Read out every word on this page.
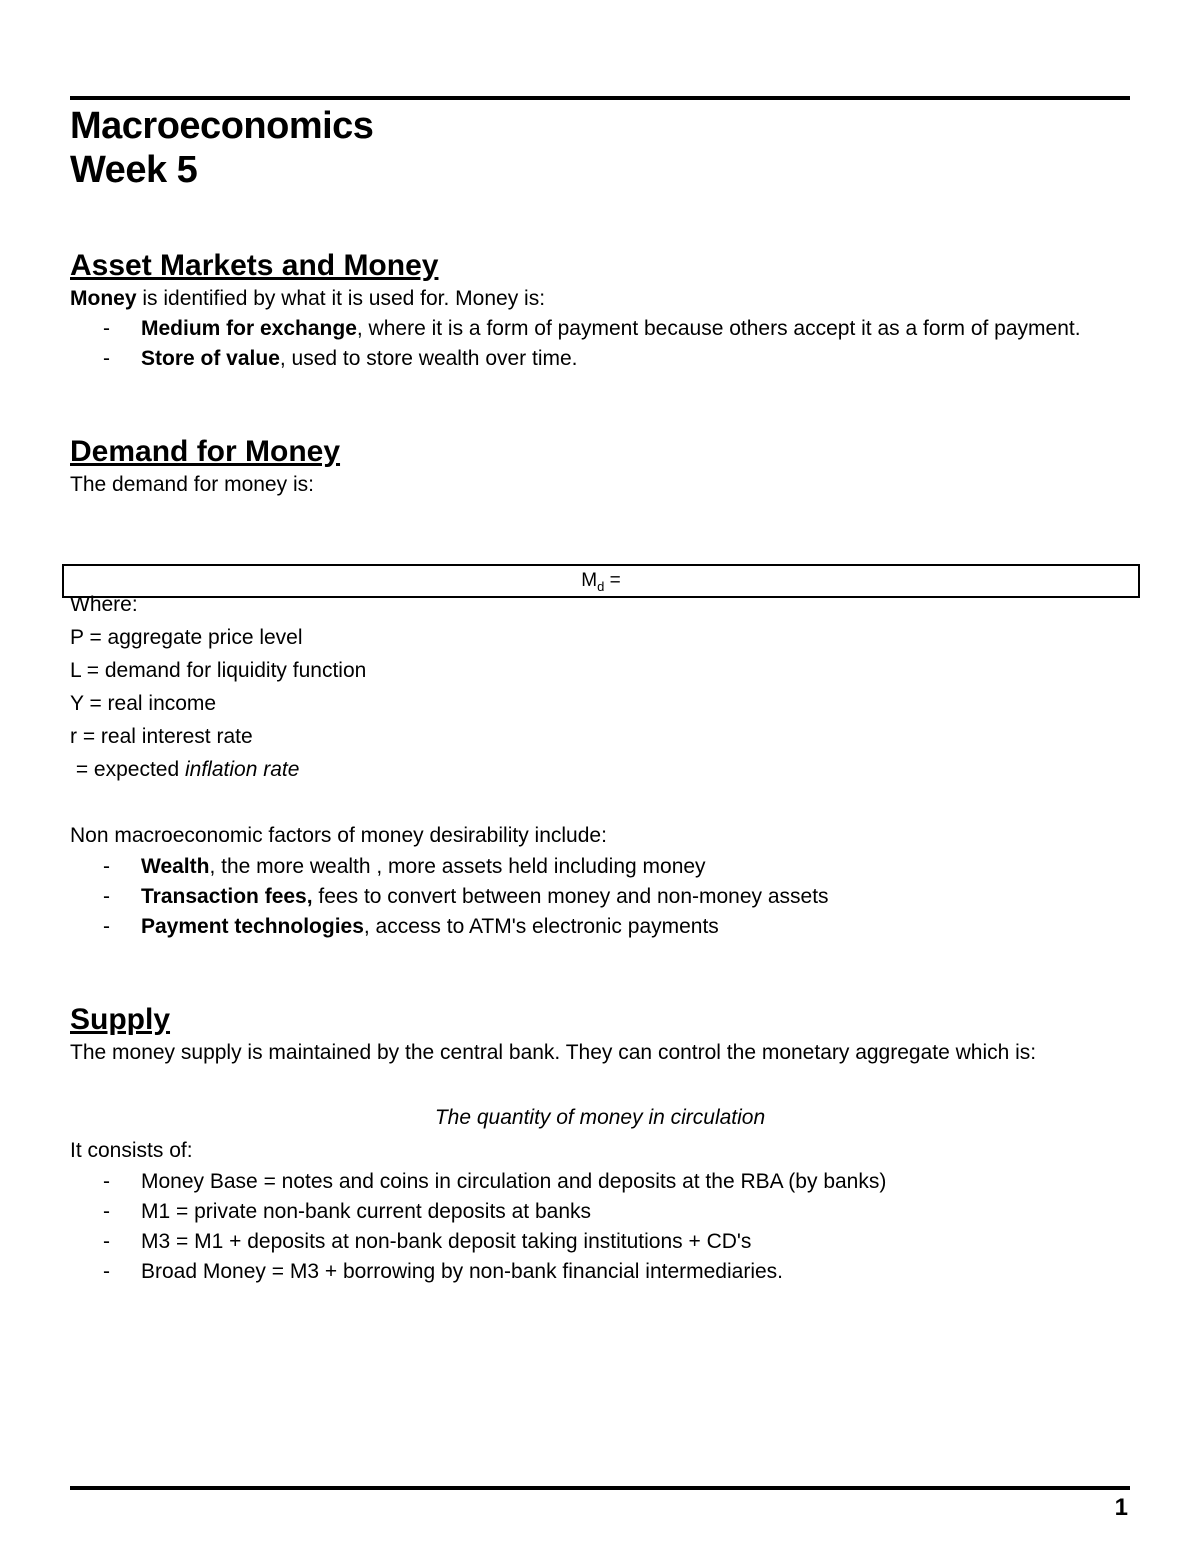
Macroeconomics
Week 5
Asset Markets and Money

Money is identified by what it is used for. Money is:

- Medium for exchange, where it is a form of payment because others accept it as a form of payment.
- Store of value, used to store wealth over time.
Demand for Money

The demand for money is:

Where:

P = aggregate price level

L = demand for liquidity function

Y = real income

r = real interest rate

= expected inflation rate

Non macroeconomic factors of money desirability include:

- Wealth, the more wealth , more assets held including money
- Transaction fees, fees to convert between money and non-money assets
- Payment technologies, access to ATM's electronic payments
Supply

The money supply is maintained by the central bank. They can control the monetary aggregate which is:

The quantity of money in circulation

It consists of:

- Money Base = notes and coins in circulation and deposits at the RBA (by banks)
- M1 = private non-bank current deposits at banks
- M3 = M1 + deposits at non-bank deposit taking institutions + CD's
- Broad Money = M3 + borrowing by non-bank financial intermediaries.
$M_d$ =
1
